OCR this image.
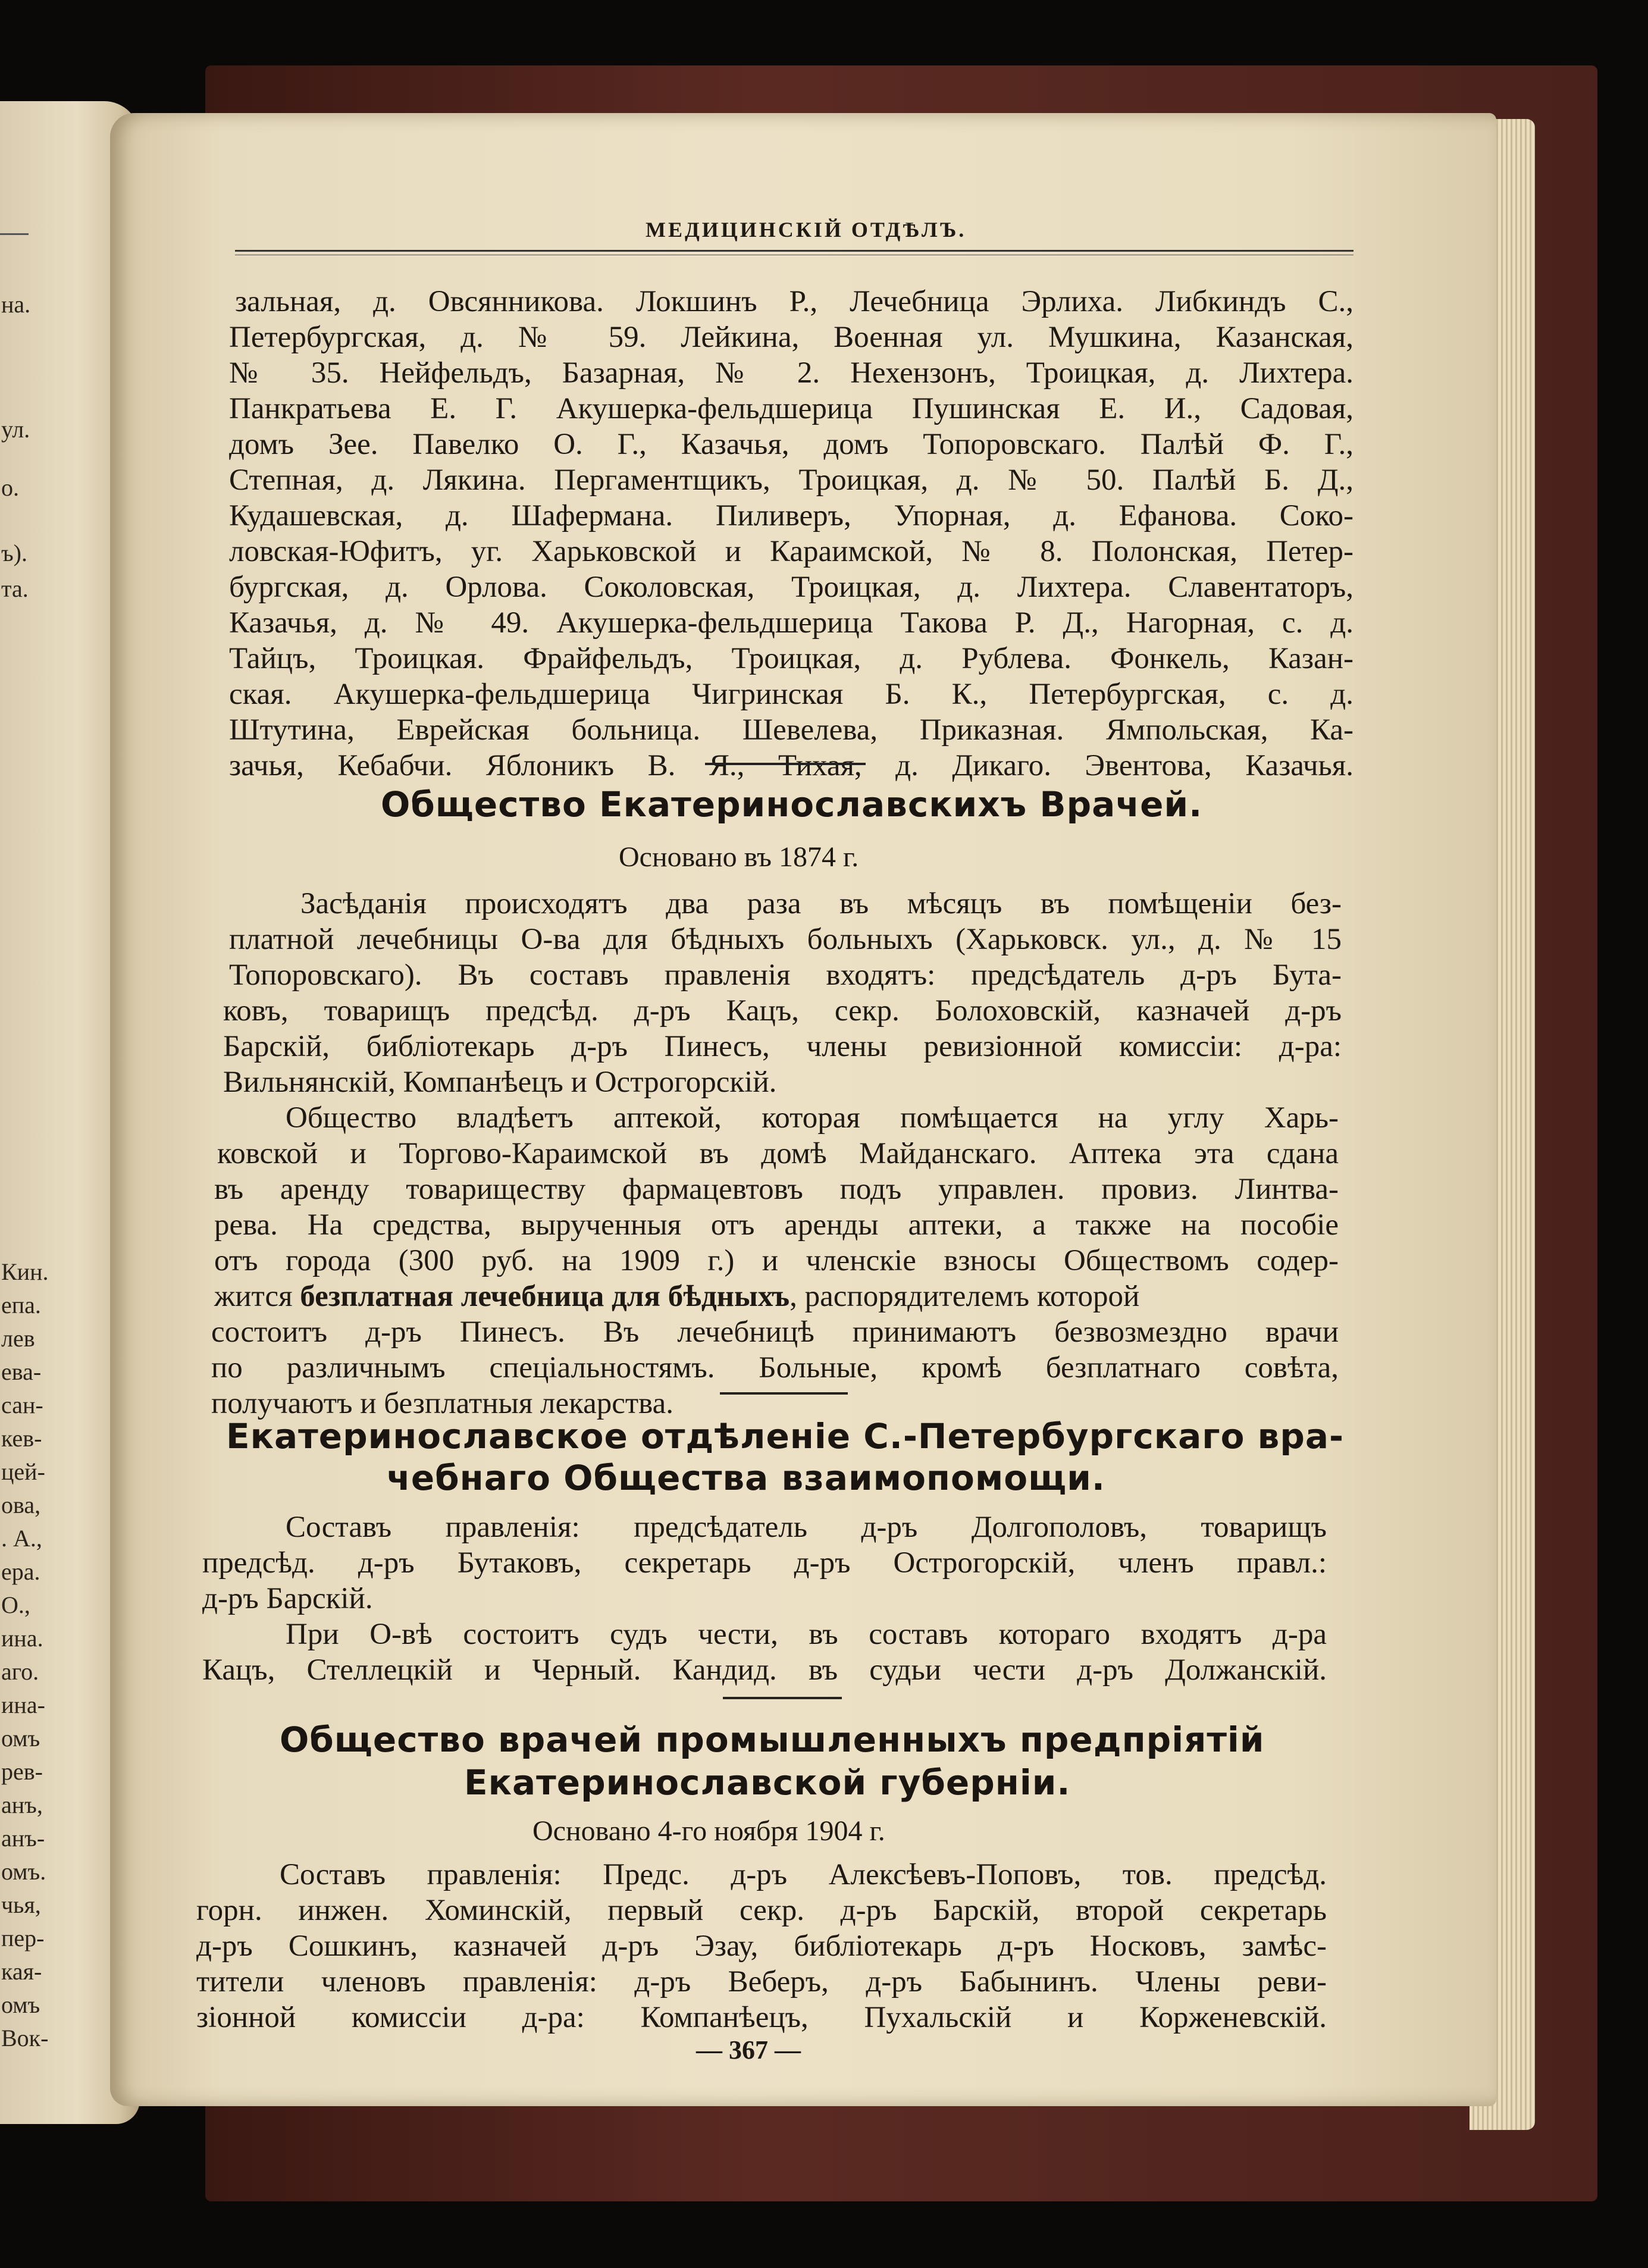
на.
ул.
о.
ъ).
та.
Кин.
епа.
лев
ева-
сан-
кев-
цей-
ова,
. А.,
ера.
О.,
ина.
аго.
ина-
омъ
рев-
анъ,
анъ-
омъ.
чья,
пер-
кая-
омъ
Вок-
МЕДИЦИНСКІЙ ОТДѢЛЪ.
зальная, д. Овсянникова. Локшинъ Р., Лечебница Эрлиха. Либкиндъ С.,
Петербургская, д. № 59. Лейкина, Военная ул. Мушкина, Казанская,
№ 35. Нейфельдъ, Базарная, № 2. Нехензонъ, Троицкая, д. Лихтера.
Панкратьева Е. Г. Акушерка-фельдшерица Пушинская Е. И., Садовая,
домъ Зее. Павелко О. Г., Казачья, домъ Топоровскаго. Палѣй Ф. Г.,
Степная, д. Лякина. Пергаментщикъ, Троицкая, д. № 50. Палѣй Б. Д.,
Кудашевская, д. Шафермана. Пиливеръ, Упорная, д. Ефанова. Соко-
ловская-Юфитъ, уг. Харьковской и Караимской, № 8. Полонская, Петер-
бургская, д. Орлова. Соколовская, Троицкая, д. Лихтера. Славентаторъ,
Казачья, д. № 49. Акушерка-фельдшерица Такова Р. Д., Нагорная, с. д.
Тайцъ, Троицкая. Фрайфельдъ, Троицкая, д. Рублева. Фонкель, Казан-
ская. Акушерка-фельдшерица Чигринская Б. К., Петербургская, с. д.
Штутина, Еврейская больница. Шевелева, Приказная. Ямпольская, Ка-
зачья, Кебабчи. Яблоникъ В. Я., Тихая, д. Дикаго. Эвентова, Казачья.
Общество Екатеринославскихъ Врачей.
Основано въ 1874 г.
Засѣданія происходятъ два раза въ мѣсяцъ въ помѣщеніи без-
платной лечебницы О-ва для бѣдныхъ больныхъ (Харьковск. ул., д. № 15
Топоровскаго). Въ составъ правленія входятъ: предсѣдатель д-ръ Бута-
ковъ, товарищъ предсѣд. д-ръ Кацъ, секр. Болоховскій, казначей д-ръ
Барскій, библіотекарь д-ръ Пинесъ, члены ревизіонной комиссіи: д-ра:
Вильнянскій, Компанѣецъ и Острогорскій.
Общество владѣетъ аптекой, которая помѣщается на углу Харь-
ковской и Торгово-Караимской въ домѣ Майданскаго. Аптека эта сдана
въ аренду товариществу фармацевтовъ подъ управлен. провиз. Линтва-
рева. На средства, вырученныя отъ аренды аптеки, а также на пособіе
отъ города (300 руб. на 1909 г.) и членскіе взносы Обществомъ содер-
жится безплатная лечебница для бѣдныхъ, распорядителемъ которой
состоитъ д-ръ Пинесъ. Въ лечебницѣ принимаютъ безвозмездно врачи
по различнымъ спеціальностямъ. Больные, кромѣ безплатнаго совѣта,
получаютъ и безплатныя лекарства.
Екатеринославское отдѣленіе С.-Петербургскаго вра-
чебнаго Общества взаимопомощи.
Составъ правленія: предсѣдатель д-ръ Долгополовъ, товарищъ
предсѣд. д-ръ Бутаковъ, секретарь д-ръ Острогорскій, членъ правл.:
д-ръ Барскій.
При О-вѣ состоитъ судъ чести, въ составъ котораго входятъ д-ра
Кацъ, Стеллецкій и Черный. Кандид. въ судьи чести д-ръ Должанскій.
Общество врачей промышленныхъ предпріятій
Екатеринославской губерніи.
Основано 4-го ноября 1904 г.
Составъ правленія: Предс. д-ръ Алексѣевъ-Поповъ, тов. предсѣд.
горн. инжен. Хоминскій, первый секр. д-ръ Барскій, второй секретарь
д-ръ Сошкинъ, казначей д-ръ Эзау, библіотекарь д-ръ Носковъ, замѣс-
тители членовъ правленія: д-ръ Веберъ, д-ръ Бабынинъ. Члены реви-
зіонной комиссіи д-ра: Компанѣецъ, Пухальскій и Корженевскій.
— 367 —
